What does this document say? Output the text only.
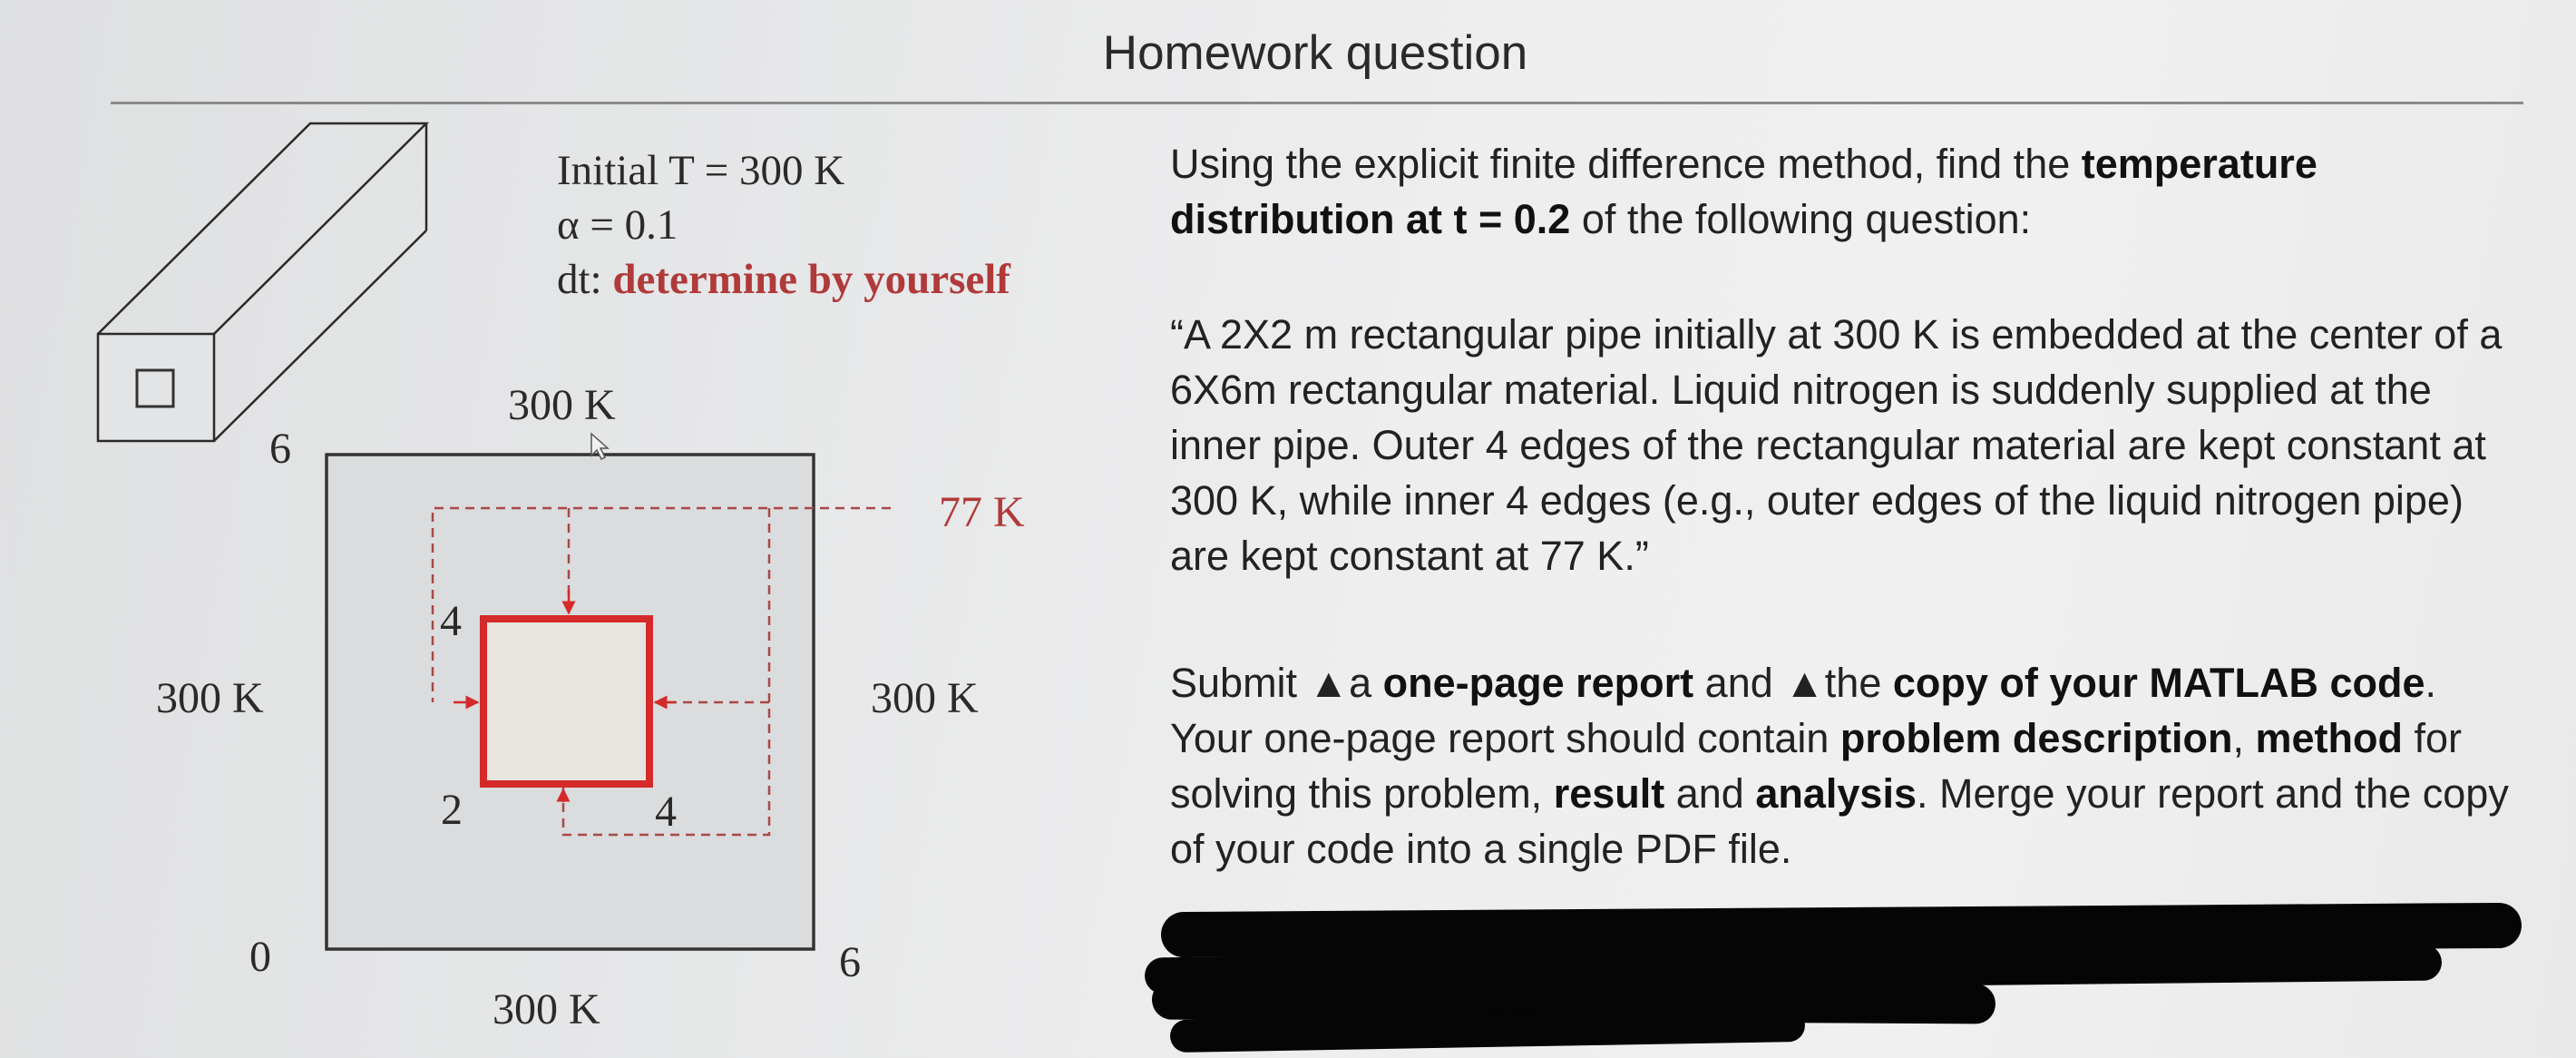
Homework question
Initial T = 300 K
α = 0.1
dt: determine by yourself
300 K
300 K	300 K
300 K
77 K
6
6
0
4
4
2
Using the explicit finite difference method, find the temperature distribution at t = 0.2 of the following question:
“A 2X2 m rectangular pipe initially at 300 K is embedded at the center of a 6X6m rectangular material. Liquid nitrogen is suddenly supplied at the inner pipe. Outer 4 edges of the rectangular material are kept constant at 300 K, while inner 4 edges (e.g., outer edges of the liquid nitrogen pipe) are kept constant at 77 K.”
Submit ▲a one-page report and ▲the copy of your MATLAB code. Your one-page report should contain problem description, method for solving this problem, result and analysis. Merge your report and the copy of your code into a single PDF file.
